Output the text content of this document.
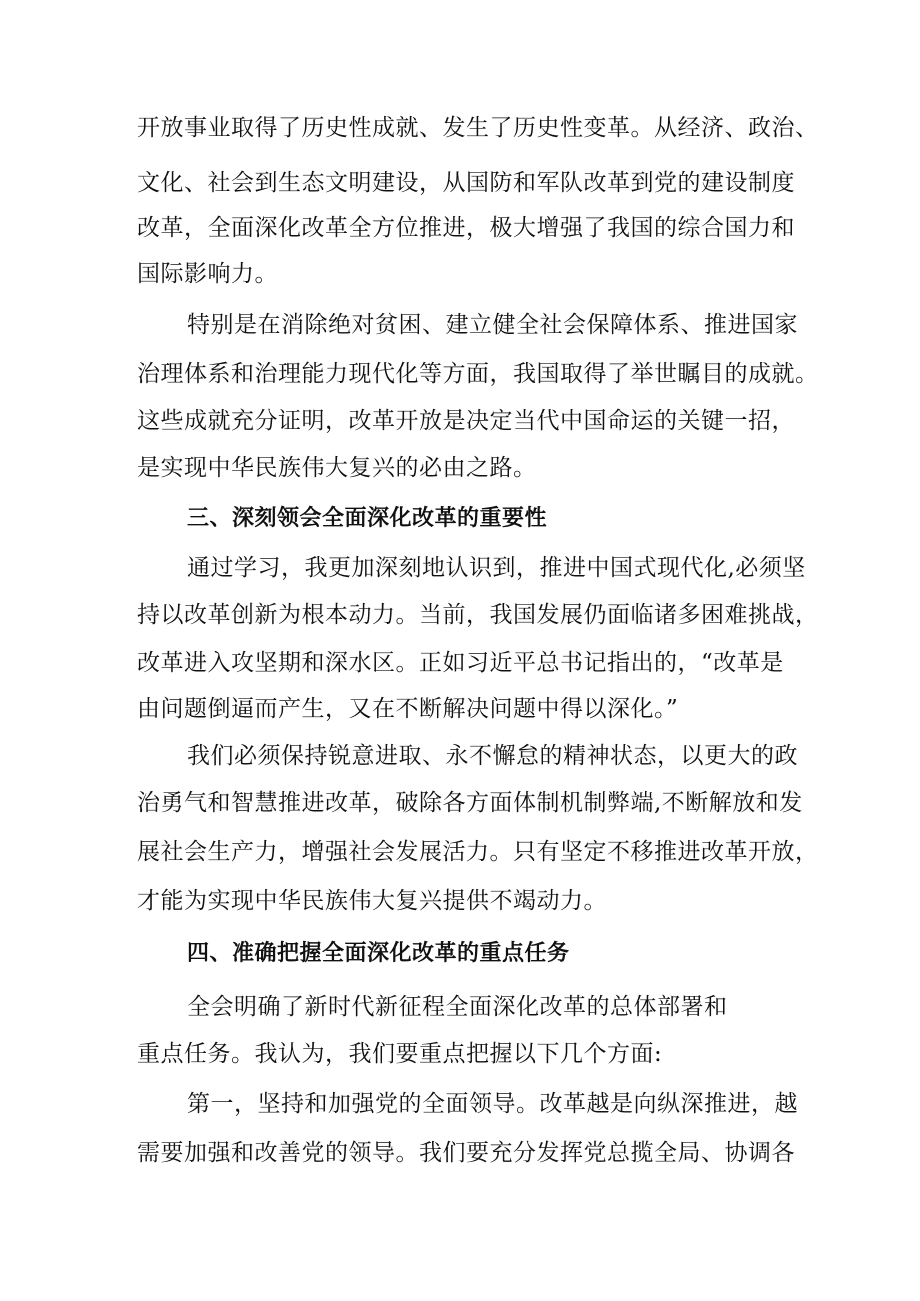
开放事业取得了历史性成就、发生了历史性变革。从经济、政治、
文化、社会到生态文明建设，从国防和军队改革到党的建设制度
改革，全面深化改革全方位推进，极大增强了我国的综合国力和
国际影响力。
特别是在消除绝对贫困、建立健全社会保障体系、推进国家
治理体系和治理能力现代化等方面，我国取得了举世瞩目的成就。
这些成就充分证明，改革开放是决定当代中国命运的关键一招，
是实现中华民族伟大复兴的必由之路。
三、深刻领会全面深化改革的重要性
通过学习，我更加深刻地认识到，推进中国式现代化,必须坚
持以改革创新为根本动力。当前，我国发展仍面临诸多困难挑战，
改革进入攻坚期和深水区。正如习近平总书记指出的，“改革是
由问题倒逼而产生，又在不断解决问题中得以深化。”
我们必须保持锐意进取、永不懈怠的精神状态，以更大的政
治勇气和智慧推进改革，破除各方面体制机制弊端,不断解放和发
展社会生产力，增强社会发展活力。只有坚定不移推进改革开放，
才能为实现中华民族伟大复兴提供不竭动力。
四、准确把握全面深化改革的重点任务
全会明确了新时代新征程全面深化改革的总体部署和
重点任务。我认为，我们要重点把握以下几个方面:
第一，坚持和加强党的全面领导。改革越是向纵深推进，越
需要加强和改善党的领导。我们要充分发挥党总揽全局、协调各
